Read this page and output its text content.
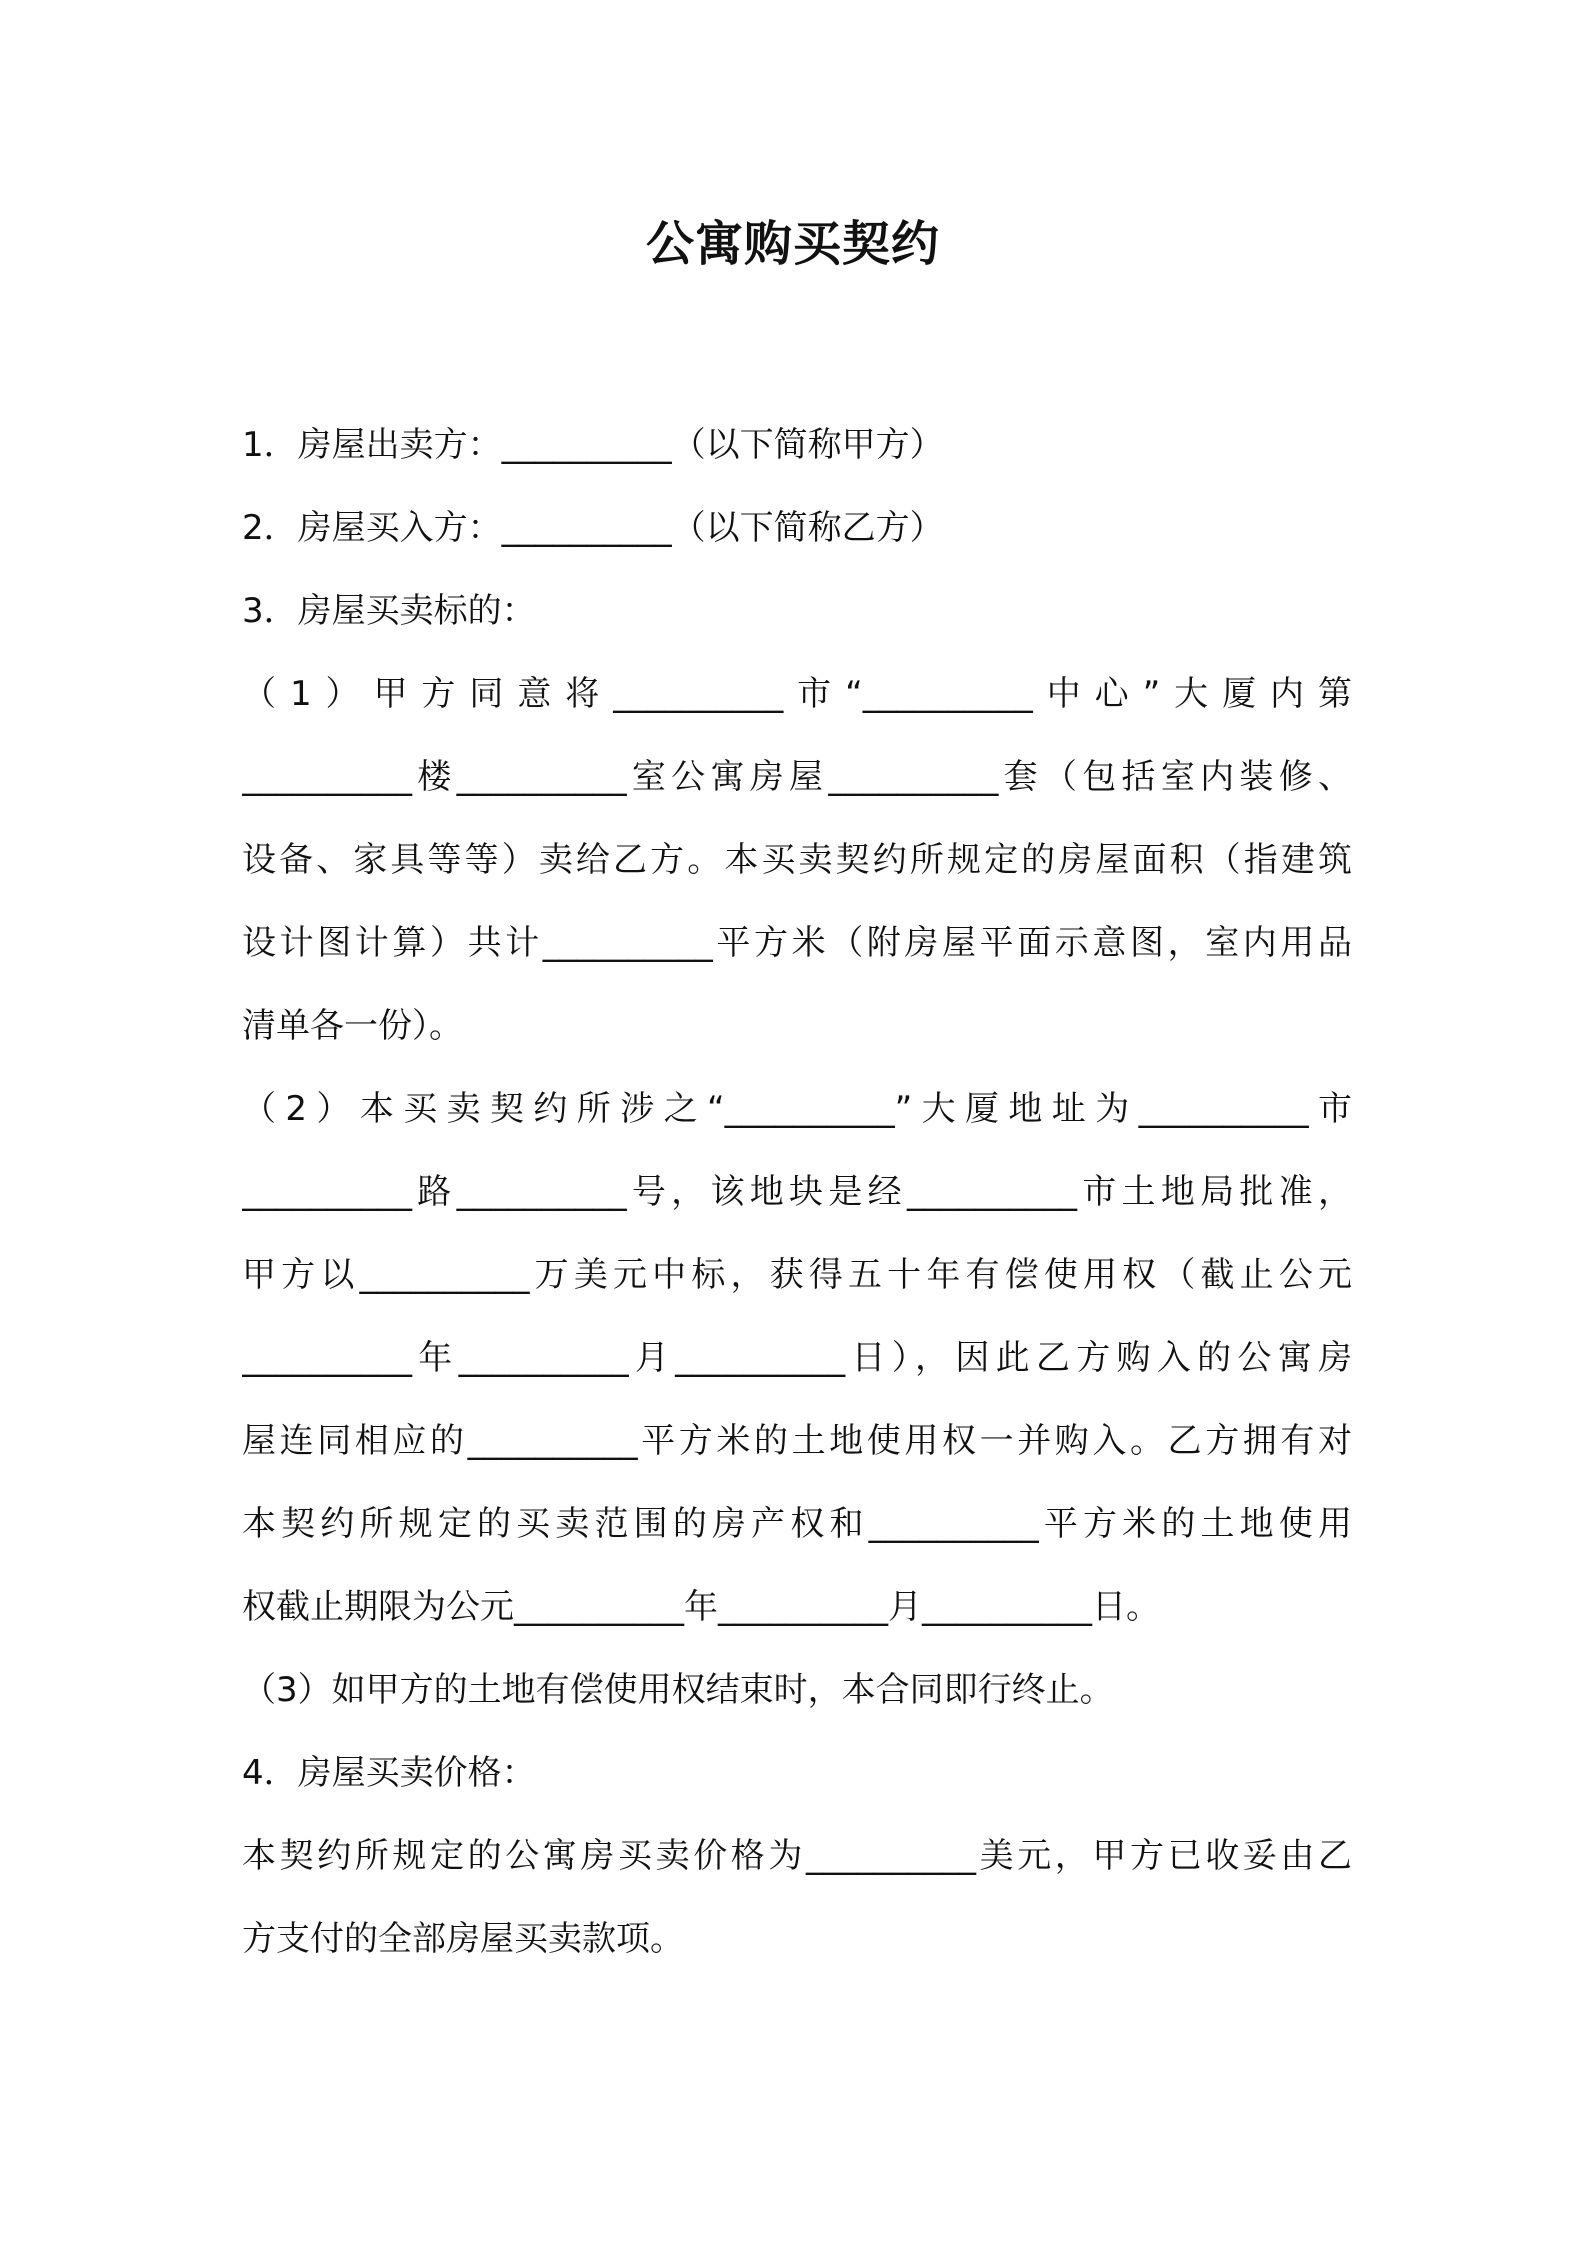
公寓购买契约
1．房屋出卖方：__________（以下简称甲方）
2．房屋买入方：__________（以下简称乙方）
3．房屋买卖标的：
（1）甲方同意将__________市“__________中心”大厦内第
__________楼__________室公寓房屋__________套（包括室内装修、
设备、家具等等）卖给乙方。本买卖契约所规定的房屋面积（指建筑
设计图计算）共计__________平方米（附房屋平面示意图，室内用品
清单各一份）。
（2）本买卖契约所涉之“__________”大厦地址为__________市
__________路__________号，该地块是经__________市土地局批准，
甲方以__________万美元中标，获得五十年有偿使用权（截止公元
__________年__________月__________日），因此乙方购入的公寓房
屋连同相应的__________平方米的土地使用权一并购入。乙方拥有对
本契约所规定的买卖范围的房产权和__________平方米的土地使用
权截止期限为公元__________年__________月__________日。
（3）如甲方的土地有偿使用权结束时，本合同即行终止。
4．房屋买卖价格：
本契约所规定的公寓房买卖价格为__________美元，甲方已收妥由乙
方支付的全部房屋买卖款项。
